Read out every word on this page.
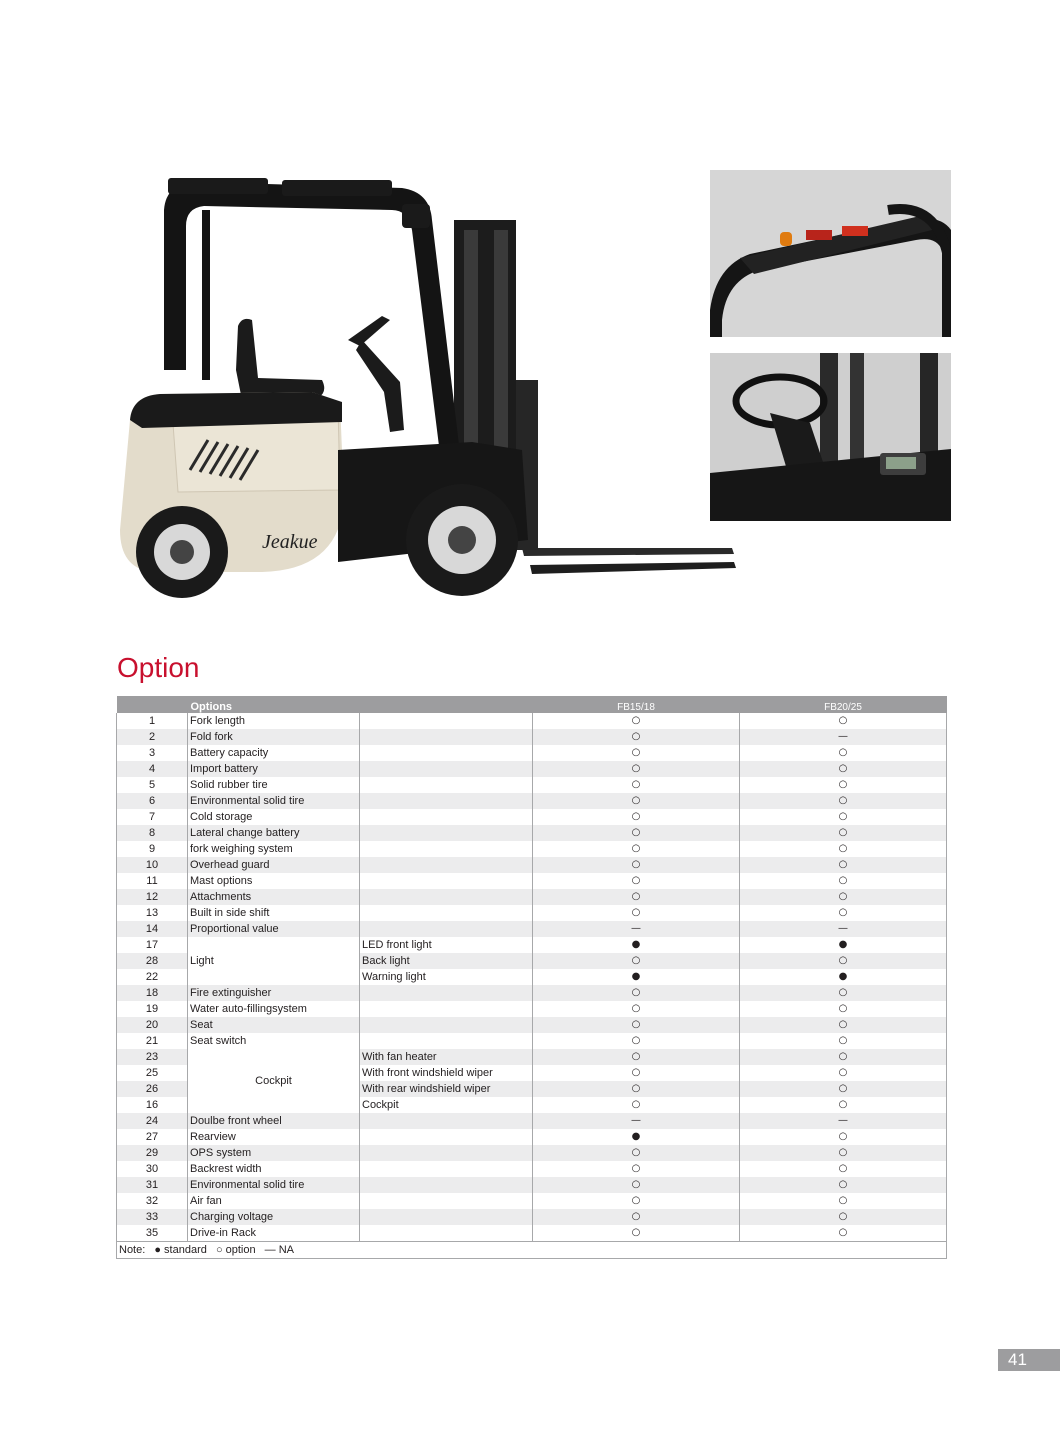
Jeakue
Option
	Options		FB15/18	FB20/25
1	Fork length		○	○
2	Fold fork		○	—
3	Battery capacity		○	○
4	Import battery		○	○
5	Solid rubber tire		○	○
6	Environmental solid tire		○	○
7	Cold storage		○	○
8	Lateral change battery		○	○
9	fork weighing system		○	○
10	Overhead guard		○	○
11	Mast options		○	○
12	Attachments		○	○
13	Built in side shift		○	○
14	Proportional value		—	—
17	Light	LED front light	●	●
28		Back light	○	○
22		Warning light	●	●
18	Fire extinguisher		○	○
19	Water auto-fillingsystem		○	○
20	Seat		○	○
21	Seat switch		○	○
23	Cockpit	With fan heater	○	○
25		With front windshield wiper	○	○
26		With rear windshield wiper	○	○
16		Cockpit	○	○
24	Doulbe front wheel		—	—
27	Rearview		●	○
29	OPS system		○	○
30	Backrest width		○	○
31	Environmental solid tire		○	○
32	Air fan		○	○
33	Charging voltage		○	○
35	Drive-in Rack		○	○
Note: ● standard ○ option — NA				
41
